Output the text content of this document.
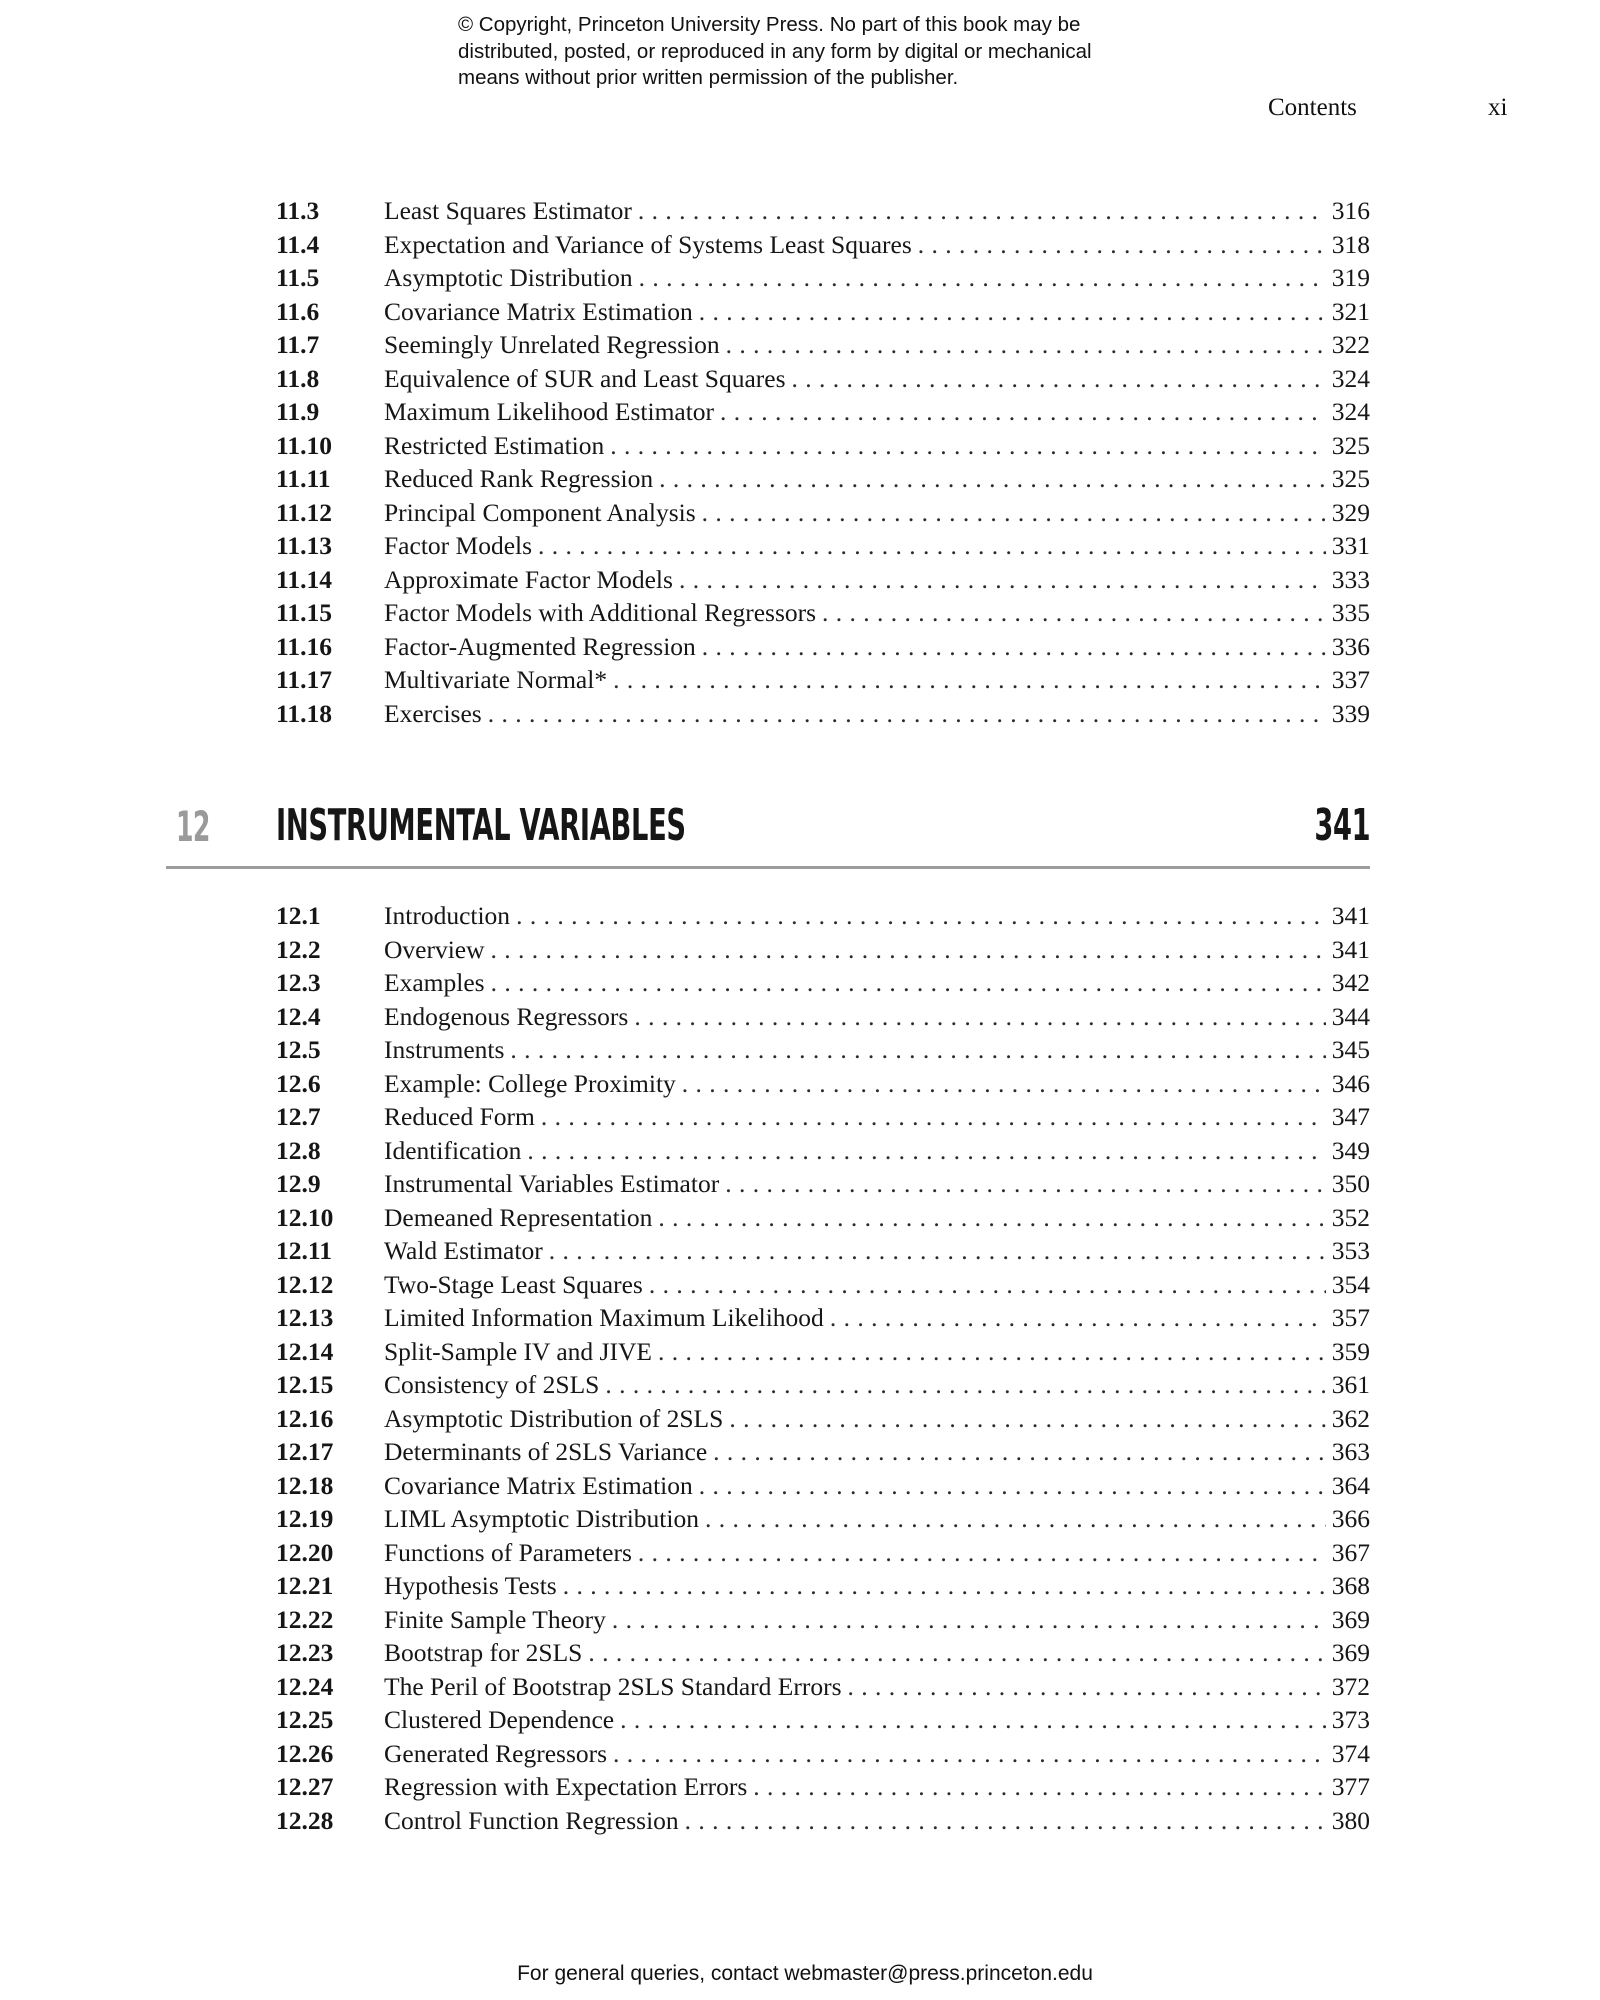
© Copyright, Princeton University Press. No part of this book may be
distributed, posted, or reproduced in any form by digital or mechanical
means without prior written permission of the publisher.
Contents	xi
11.3	Least Squares Estimator . . .	316
11.4	Expectation and Variance of Systems Least Squares . . .	318
11.5	Asymptotic Distribution . . .	319
11.6	Covariance Matrix Estimation . . .	321
11.7	Seemingly Unrelated Regression . . .	322
11.8	Equivalence of SUR and Least Squares . . .	324
11.9	Maximum Likelihood Estimator . . .	324
11.10 Restricted Estimation . . .	325
11.11 Reduced Rank Regression . . .	325
11.12 Principal Component Analysis . . .	329
11.13 Factor Models . . .	331
11.14 Approximate Factor Models . . .	333
11.15 Factor Models with Additional Regressors . . .	335
11.16 Factor-Augmented Regression . . .	336
11.17 Multivariate Normal* . . .	337
11.18 Exercises . . .	339
12 INSTRUMENTAL VARIABLES	341
12.1 Introduction . . .	341
12.2 Overview . . .	341
12.3 Examples . . .	342
12.4 Endogenous Regressors . . .	344
12.5 Instruments . . .	345
12.6 Example: College Proximity . . .	346
12.7 Reduced Form . . .	347
12.8 Identification . . .	349
12.9 Instrumental Variables Estimator . . .	350
12.10 Demeaned Representation . . .	352
12.11 Wald Estimator . . .	353
12.12 Two-Stage Least Squares . . .	354
12.13 Limited Information Maximum Likelihood . . .	357
12.14 Split-Sample IV and JIVE . . .	359
12.15 Consistency of 2SLS . . .	361
12.16 Asymptotic Distribution of 2SLS . . .	362
12.17 Determinants of 2SLS Variance . . .	363
12.18 Covariance Matrix Estimation . . .	364
12.19 LIML Asymptotic Distribution . . .	366
12.20 Functions of Parameters . . .	367
12.21 Hypothesis Tests . . .	368
12.22 Finite Sample Theory . . .	369
12.23 Bootstrap for 2SLS . . .	369
12.24 The Peril of Bootstrap 2SLS Standard Errors . . .	372
12.25 Clustered Dependence . . .	373
12.26 Generated Regressors . . .	374
12.27 Regression with Expectation Errors . . .	377
12.28 Control Function Regression . . .	380
For general queries, contact webmaster@press.princeton.edu
